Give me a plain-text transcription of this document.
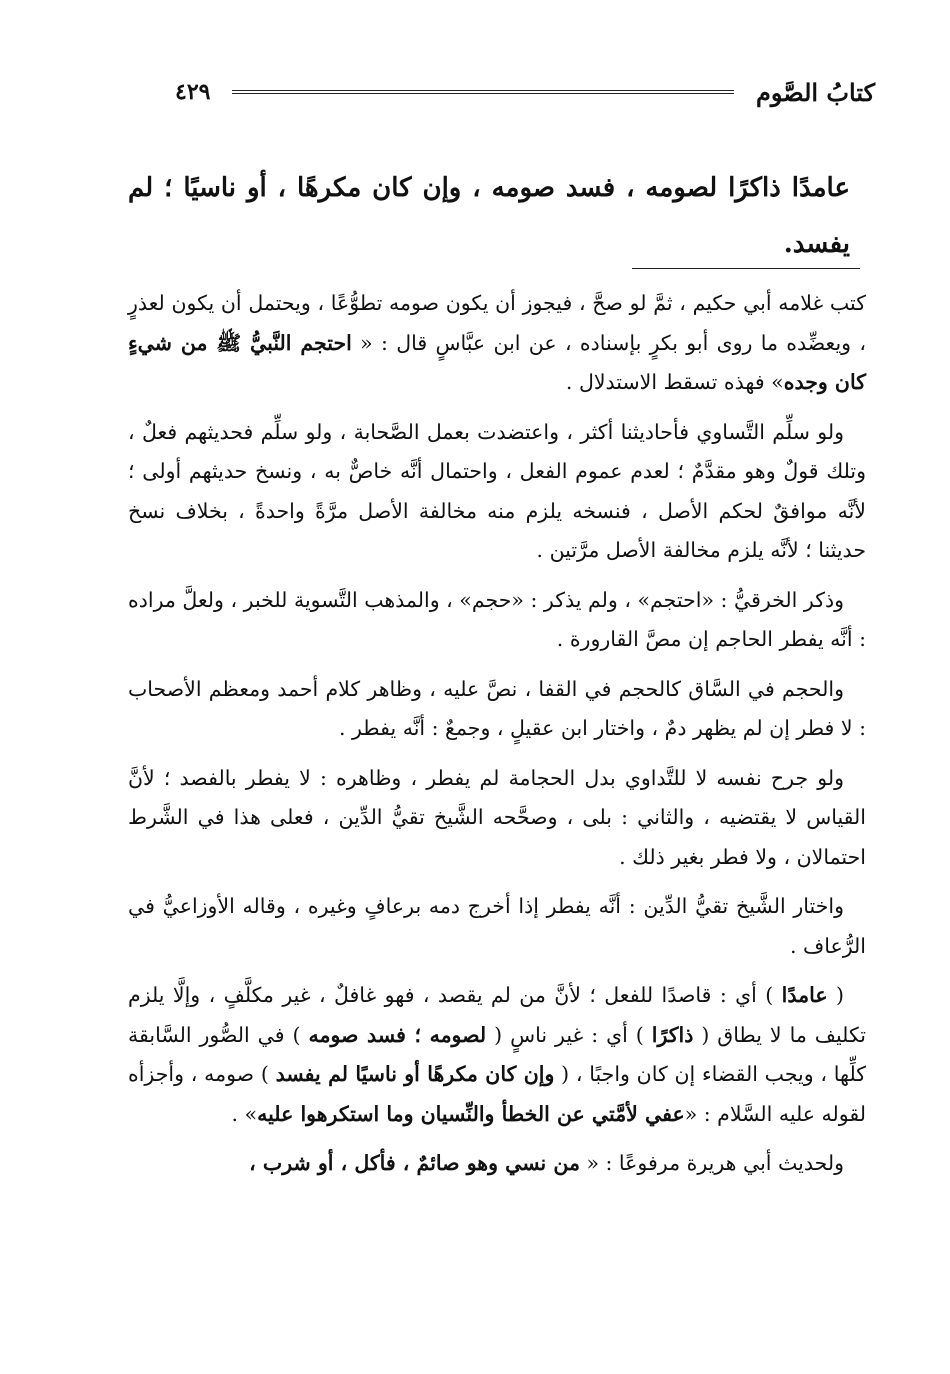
كتابُ الصَّوم
٤٢٩
عامدًا ذاكرًا لصومه ، فسد صومه ، وإن كان مكرهًا ، أو ناسيًا ؛ لم يفسد.

كتب غلامه أبي حكيم ، ثمَّ لو صحَّ ، فيجوز أن يكون صومه تطوُّعًا ، ويحتمل أن يكون لعذرٍ ، ويعضِّده ما روى أبو بكرٍ بإسناده ، عن ابن عبَّاسٍ قال : « احتجم النَّبيُّ ﷺ من شيءٍ كان وجده» فهذه تسقط الاستدلال .

ولو سلِّم التَّساوي فأحاديثنا أكثر ، واعتضدت بعمل الصَّحابة ، ولو سلِّم فحديثهم فعلٌ ، وتلك قولٌ وهو مقدَّمٌ ؛ لعدم عموم الفعل ، واحتمال أنَّه خاصٌّ به ، ونسخ حديثهم أولى ؛ لأنَّه موافقٌ لحكم الأصل ، فنسخه يلزم منه مخالفة الأصل مرَّةً واحدةً ، بخلاف نسخ حديثنا ؛ لأنَّه يلزم مخالفة الأصل مرَّتين .

وذكر الخرقيُّ : «احتجم» ، ولم يذكر : «حجم» ، والمذهب التَّسوية للخبر ، ولعلَّ مراده : أنَّه يفطر الحاجم إن مصَّ القارورة .

والحجم في السَّاق كالحجم في القفا ، نصَّ عليه ، وظاهر كلام أحمد ومعظم الأصحاب : لا فطر إن لم يظهر دمٌ ، واختار ابن عقيلٍ ، وجمعٌ : أنَّه يفطر .

ولو جرح نفسه لا للتَّداوي بدل الحجامة لم يفطر ، وظاهره : لا يفطر بالفصد ؛ لأنَّ القياس لا يقتضيه ، والثاني : بلى ، وصحَّحه الشَّيخ تقيُّ الدِّين ، فعلى هذا في الشَّرط احتمالان ، ولا فطر بغير ذلك .

واختار الشَّيخ تقيُّ الدِّين : أنَّه يفطر إذا أخرج دمه برعافٍ وغيره ، وقاله الأوزاعيُّ في الرُّعاف .

( عامدًا ) أي : قاصدًا للفعل ؛ لأنَّ من لم يقصد ، فهو غافلٌ ، غير مكلَّفٍ ، وإلَّا يلزم تكليف ما لا يطاق ( ذاكرًا ) أي : غير ناسٍ ( لصومه ؛ فسد صومه ) في الصُّور السَّابقة كلِّها ، ويجب القضاء إن كان واجبًا ، ( وإن كان مكرهًا أو ناسيًا لم يفسد ) صومه ، وأجزأه لقوله عليه السَّلام : «عفي لأمَّتي عن الخطأ والنِّسيان وما استكرهوا عليه» .

ولحديث أبي هريرة مرفوعًا : « من نسي وهو صائمٌ ، فأكل ، أو شرب ،
